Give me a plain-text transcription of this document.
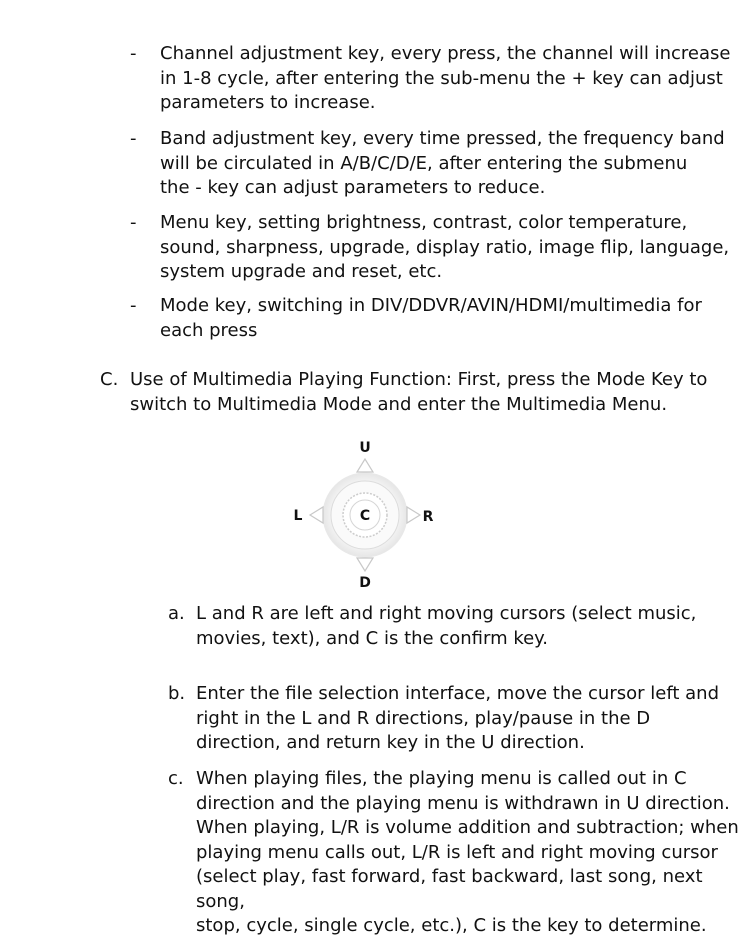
- Channel adjustment key, every press, the channel will increase
in 1-8 cycle, after entering the sub-menu the + key can adjust
parameters to increase.
- Band adjustment key, every time pressed, the frequency band
will be circulated in A/B/C/D/E, after entering the submenu
the - key can adjust parameters to reduce.
- Menu key, setting brightness, contrast, color temperature,
sound, sharpness, upgrade, display ratio, image flip, language,
system upgrade and reset, etc.
- Mode key, switching in DIV/DDVR/AVIN/HDMI/multimedia for
each press
C. Use of Multimedia Playing Function: First, press the Mode Key to
switch to Multimedia Mode and enter the Multimedia Menu.
U
D
L	R
C
a. L and R are left and right moving cursors (select music,
movies, text), and C is the confirm key.
b. Enter the file selection interface, move the cursor left and
right in the L and R directions, play/pause in the D
direction, and return key in the U direction.
c. When playing files, the playing menu is called out in C
direction and the playing menu is withdrawn in U direction.
When playing, L/R is volume addition and subtraction; when
playing menu calls out, L/R is left and right moving cursor
(select play, fast forward, fast backward, last song, next song,
stop, cycle, single cycle, etc.), C is the key to determine.
